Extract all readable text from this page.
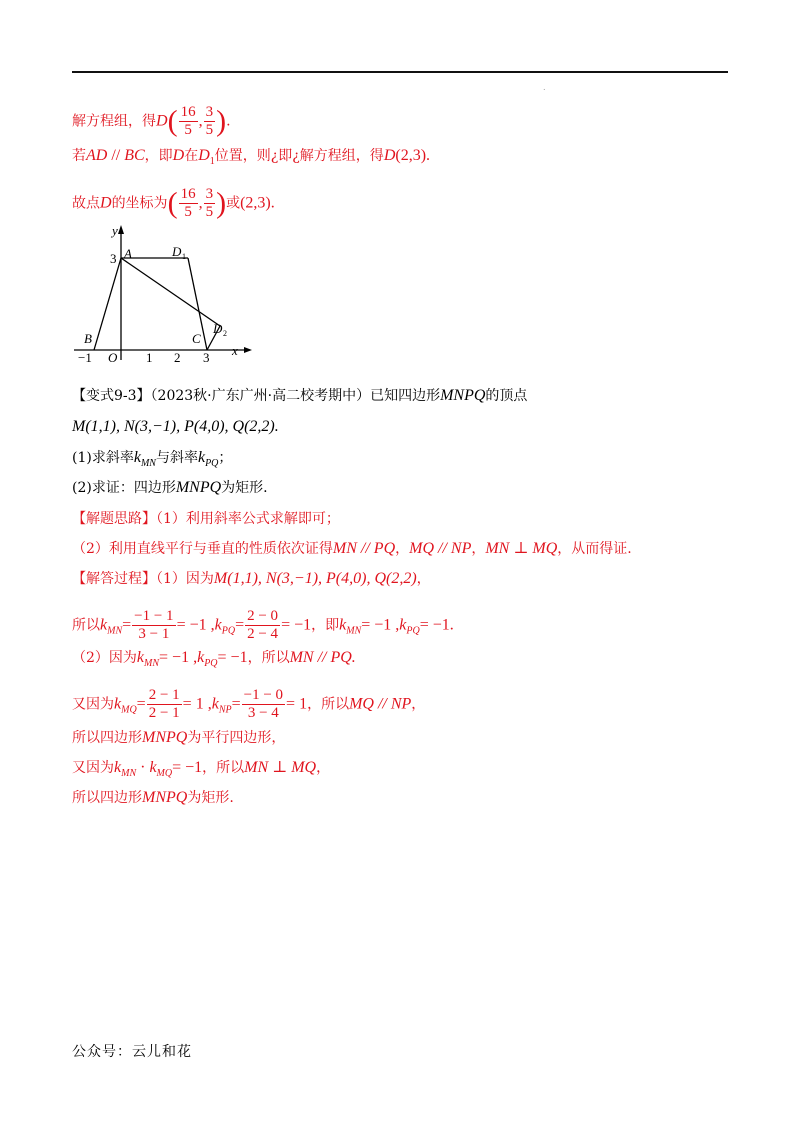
.
解方程组，得$D( \frac{16}{5}$ , $\frac{3}{5}$ ).
若AD // BC，即D在$D_1$位置，则¿即¿解方程组，得D(2,3).
故点D的坐标为( $\frac{16}{5}$ , $\frac{3}{5}$ )或(2,3).
y
x
A
3	D 1
D 2
B	C
O
−1	1 2 3
【变式9-3】（2023秋·广东广州·高二校考期中）已知四边形MNPQ的顶点
M(1,1), N(3,−1), P(4,0), Q(2,2).
(1)求斜率$k_{MN}$与斜率$k_{PQ}$；
(2)求证：四边形MNPQ为矩形.
【解题思路】（1）利用斜率公式求解即可；
（2）利用直线平行与垂直的性质依次证得MN // PQ，MQ // NP，MN ⊥ MQ，从而得证.
【解答过程】（1）因为M(1,1), N(3,−1), P(4,0), Q(2,2)，
所以$k_{MN}= \frac{-1 - 1}{3 - 1} = -1$ $,k_{PQ}= \frac{2 - 0}{2 - 4} = -1$，即$k_{MN}= -1$ $,k_{PQ}= -1$.
（2）因为$k_{MN}= -1$ $,k_{PQ}= -1$，所以MN // PQ.
又因为$k_{MQ}= \frac{2 - 1}{2 - 1} = 1$ $,k_{NP}= \frac{-1 - 0}{3 - 4} = 1$，所以MQ // NP，
所以四边形MNPQ为平行四边形，
又因为$k_{MN} \cdot k_{MQ}= -1$，所以MN ⊥ MQ，
所以四边形MNPQ为矩形.
公众号：云儿和花
